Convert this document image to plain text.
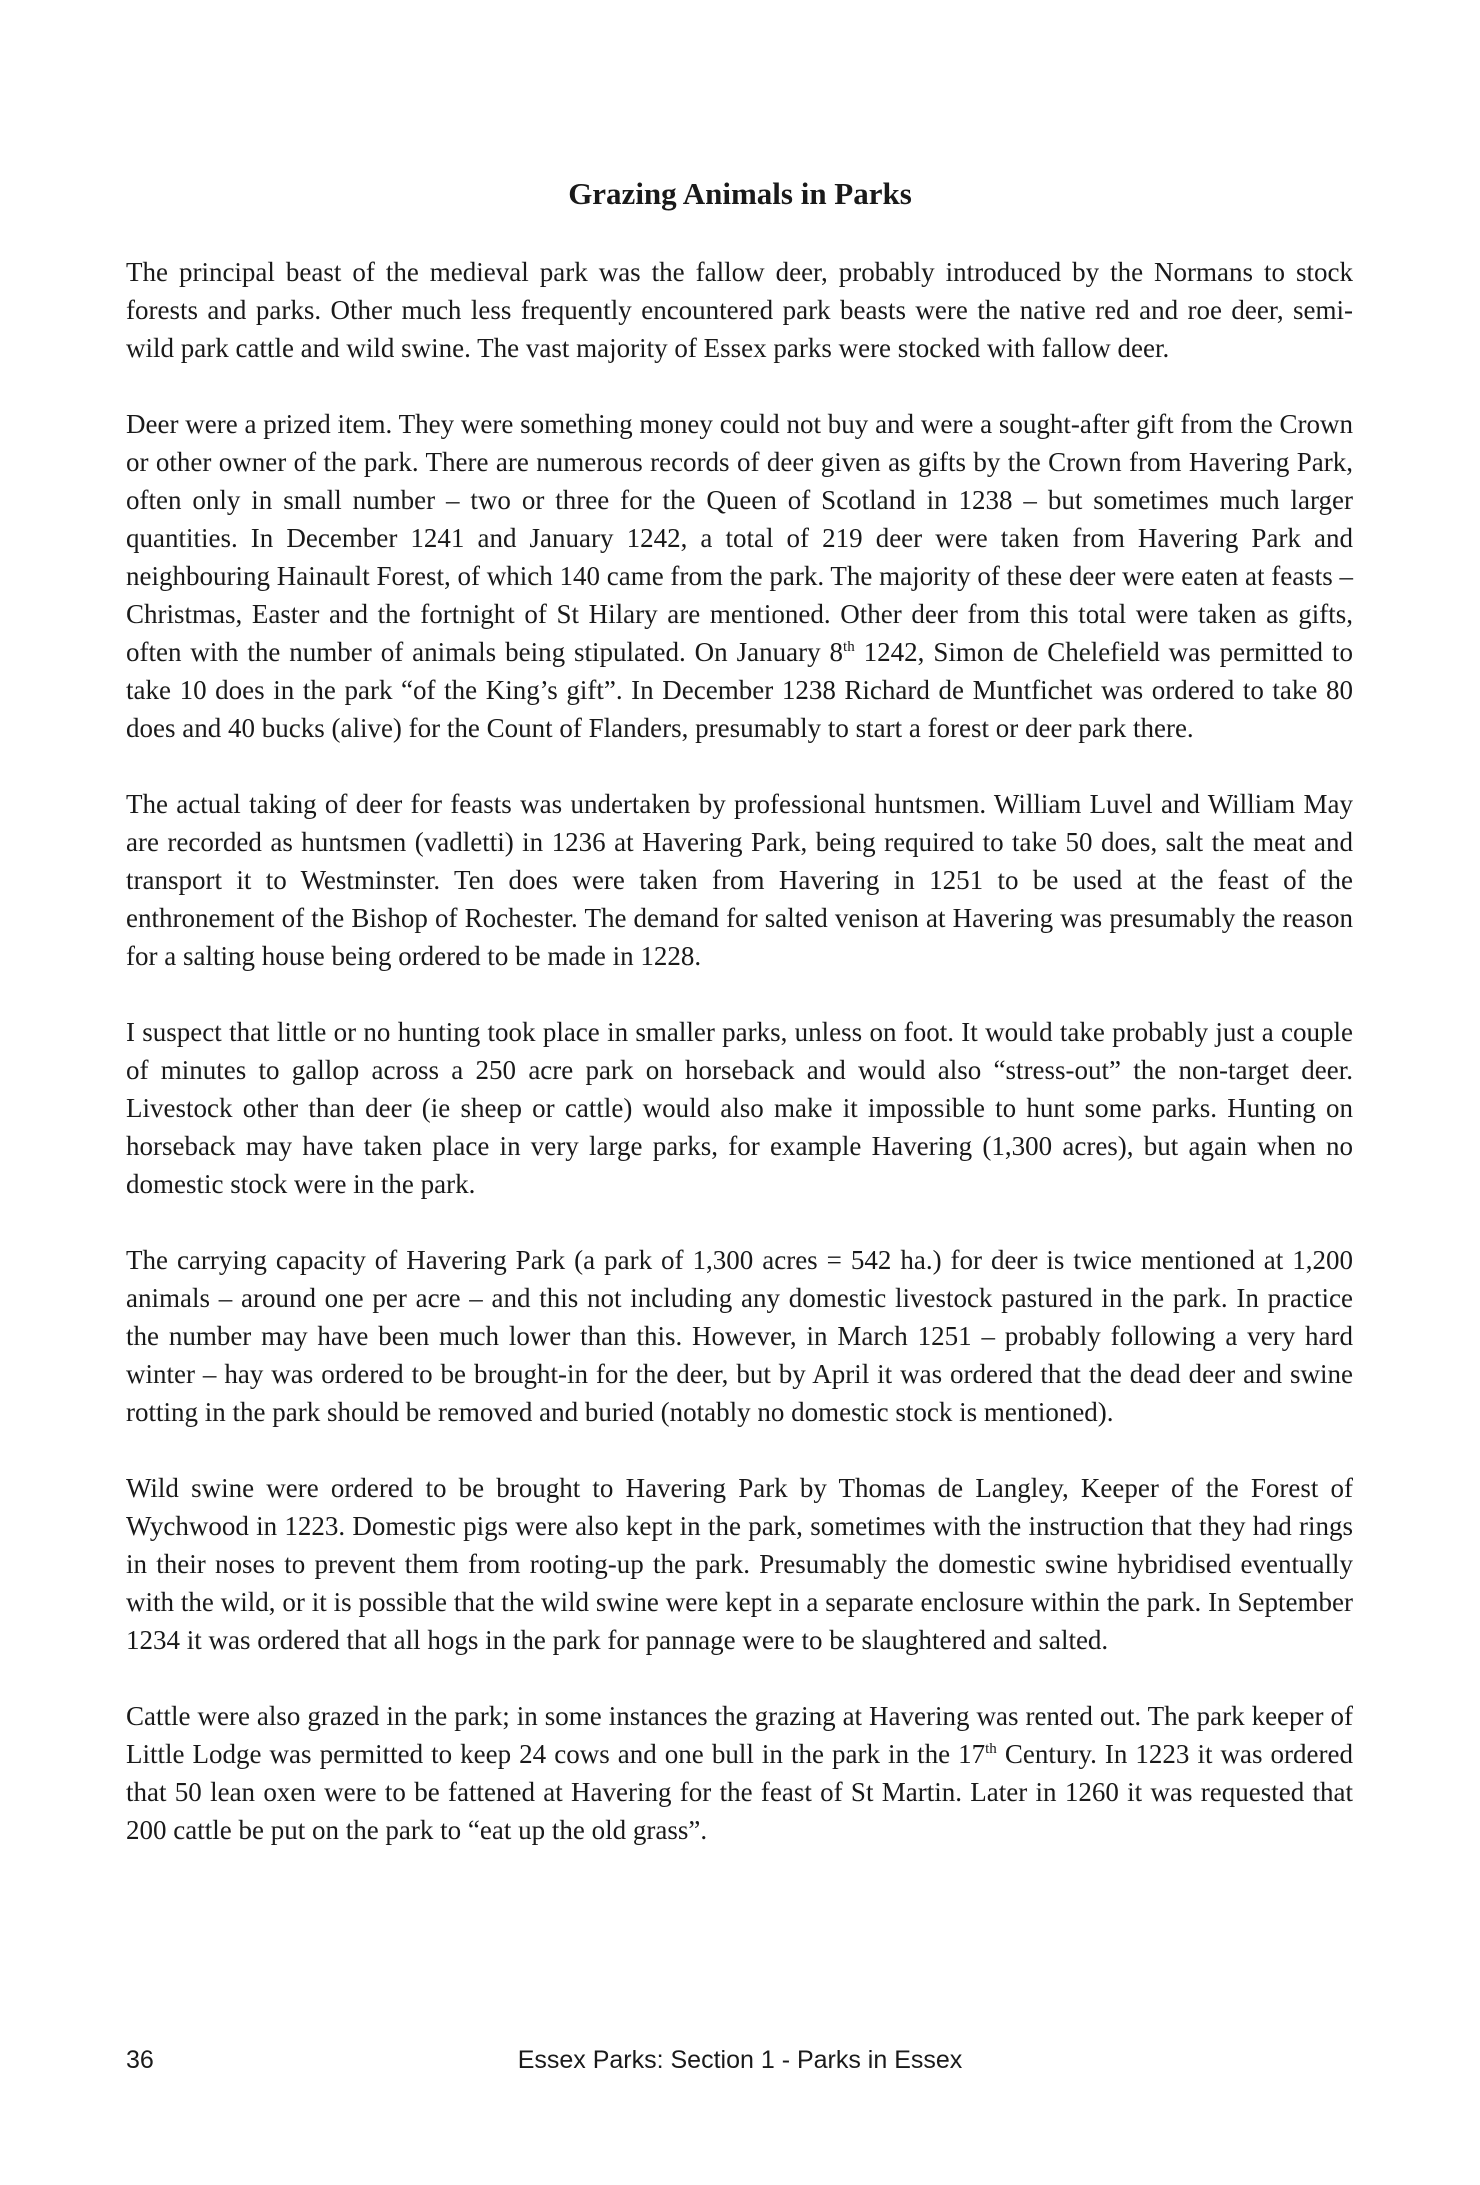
Grazing Animals in Parks

The principal beast of the medieval park was the fallow deer, probably introduced by the Normans to stock forests and parks. Other much less frequently encountered park beasts were the native red and roe deer, semi-wild park cattle and wild swine. The vast majority of Essex parks were stocked with fallow deer.

Deer were a prized item. They were something money could not buy and were a sought-after gift from the Crown or other owner of the park. There are numerous records of deer given as gifts by the Crown from Havering Park, often only in small number – two or three for the Queen of Scotland in 1238 – but sometimes much larger quantities. In December 1241 and January 1242, a total of 219 deer were taken from Havering Park and neighbouring Hainault Forest, of which 140 came from the park. The majority of these deer were eaten at feasts – Christmas, Easter and the fortnight of St Hilary are mentioned. Other deer from this total were taken as gifts, often with the number of animals being stipulated. On January 8th 1242, Simon de Chelefield was permitted to take 10 does in the park “of the King’s gift”. In December 1238 Richard de Muntfichet was ordered to take 80 does and 40 bucks (alive) for the Count of Flanders, presumably to start a forest or deer park there.

The actual taking of deer for feasts was undertaken by professional huntsmen. William Luvel and William May are recorded as huntsmen (vadletti) in 1236 at Havering Park, being required to take 50 does, salt the meat and transport it to Westminster. Ten does were taken from Havering in 1251 to be used at the feast of the enthronement of the Bishop of Rochester. The demand for salted venison at Havering was presumably the reason for a salting house being ordered to be made in 1228.

I suspect that little or no hunting took place in smaller parks, unless on foot. It would take probably just a couple of minutes to gallop across a 250 acre park on horseback and would also “stress-out” the non-target deer. Livestock other than deer (ie sheep or cattle) would also make it impossible to hunt some parks. Hunting on horseback may have taken place in very large parks, for example Havering (1,300 acres), but again when no domestic stock were in the park.

The carrying capacity of Havering Park (a park of 1,300 acres = 542 ha.) for deer is twice mentioned at 1,200 animals – around one per acre – and this not including any domestic livestock pastured in the park. In practice the number may have been much lower than this. However, in March 1251 – probably following a very hard winter – hay was ordered to be brought-in for the deer, but by April it was ordered that the dead deer and swine rotting in the park should be removed and buried (notably no domestic stock is mentioned).

Wild swine were ordered to be brought to Havering Park by Thomas de Langley, Keeper of the Forest of Wychwood in 1223. Domestic pigs were also kept in the park, sometimes with the instruction that they had rings in their noses to prevent them from rooting-up the park. Presumably the domestic swine hybridised eventually with the wild, or it is possible that the wild swine were kept in a separate enclosure within the park. In September 1234 it was ordered that all hogs in the park for pannage were to be slaughtered and salted.

Cattle were also grazed in the park; in some instances the grazing at Havering was rented out. The park keeper of Little Lodge was permitted to keep 24 cows and one bull in the park in the 17th Century. In 1223 it was ordered that 50 lean oxen were to be fattened at Havering for the feast of St Martin. Later in 1260 it was requested that 200 cattle be put on the park to “eat up the old grass”.

36	Essex Parks: Section 1 - Parks in Essex
